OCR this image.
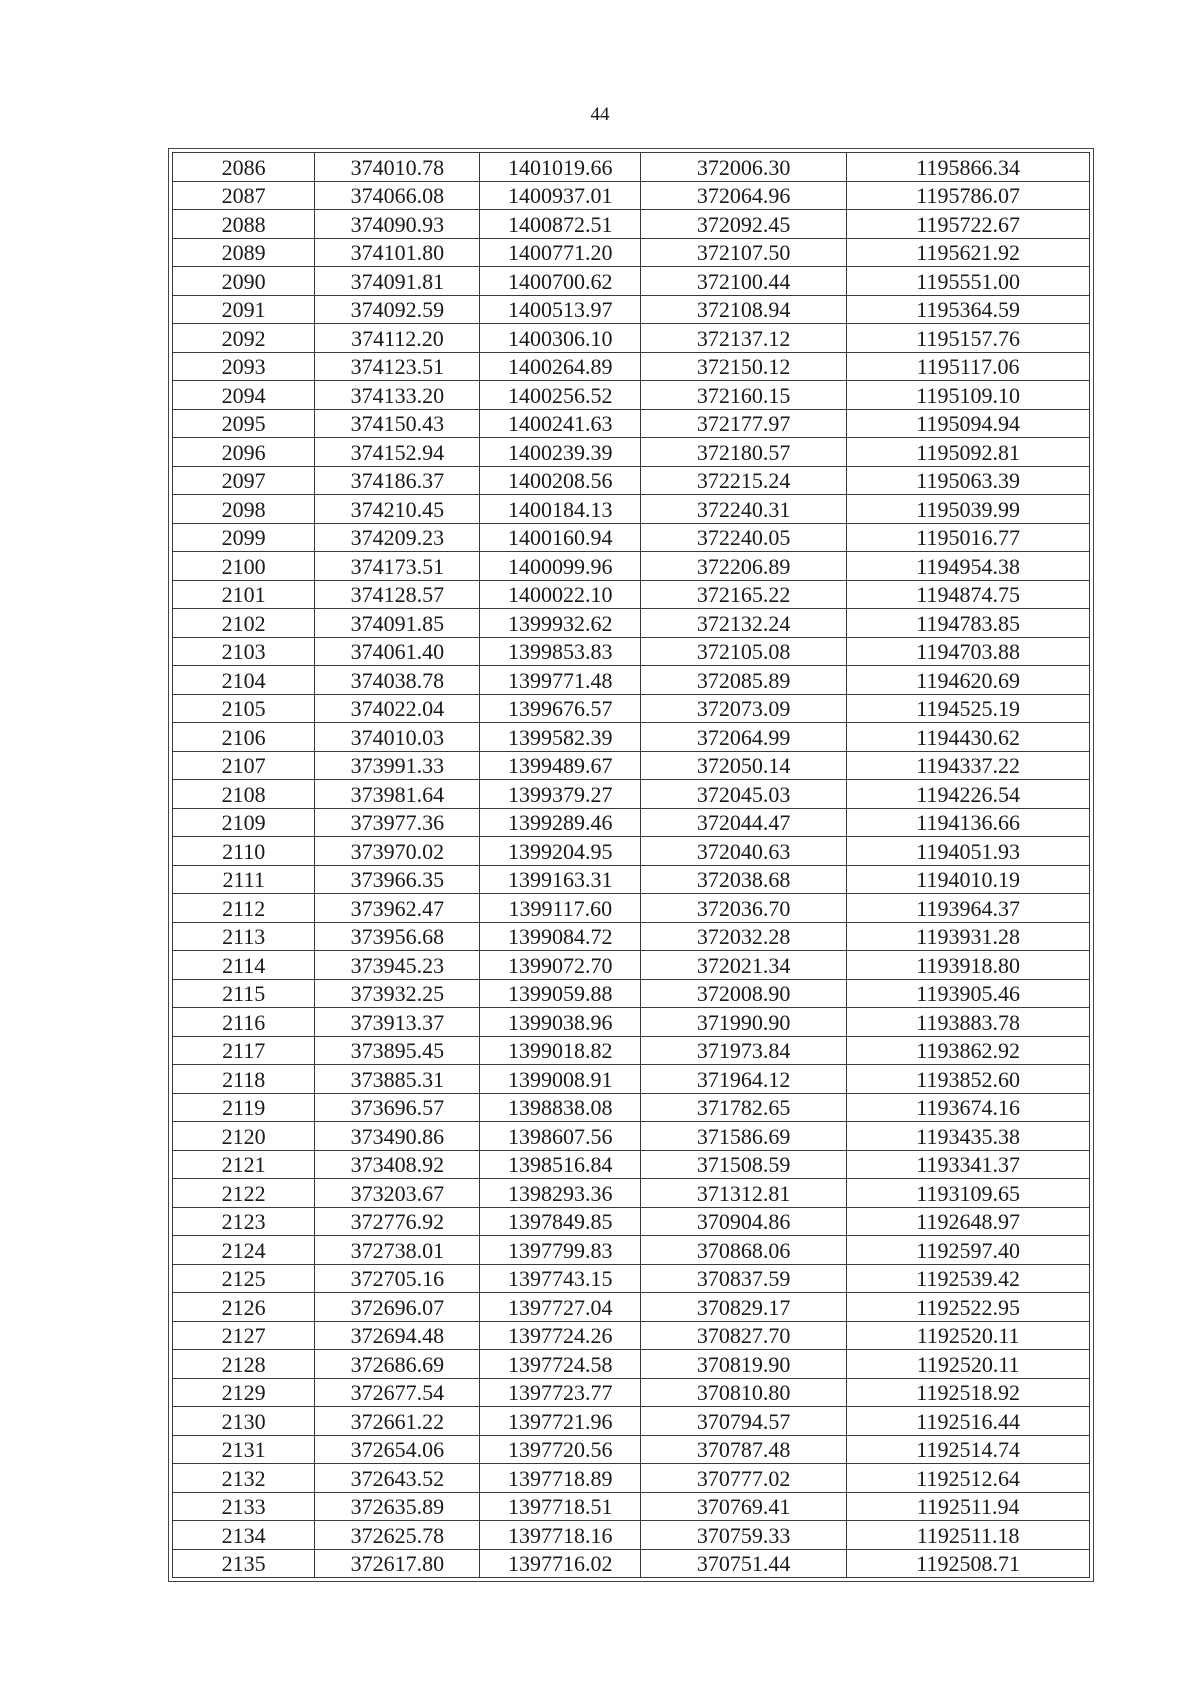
44
2086	374010.78	1401019.66	372006.30	1195866.34
2087	374066.08	1400937.01	372064.96	1195786.07
2088	374090.93	1400872.51	372092.45	1195722.67
2089	374101.80	1400771.20	372107.50	1195621.92
2090	374091.81	1400700.62	372100.44	1195551.00
2091	374092.59	1400513.97	372108.94	1195364.59
2092	374112.20	1400306.10	372137.12	1195157.76
2093	374123.51	1400264.89	372150.12	1195117.06
2094	374133.20	1400256.52	372160.15	1195109.10
2095	374150.43	1400241.63	372177.97	1195094.94
2096	374152.94	1400239.39	372180.57	1195092.81
2097	374186.37	1400208.56	372215.24	1195063.39
2098	374210.45	1400184.13	372240.31	1195039.99
2099	374209.23	1400160.94	372240.05	1195016.77
2100	374173.51	1400099.96	372206.89	1194954.38
2101	374128.57	1400022.10	372165.22	1194874.75
2102	374091.85	1399932.62	372132.24	1194783.85
2103	374061.40	1399853.83	372105.08	1194703.88
2104	374038.78	1399771.48	372085.89	1194620.69
2105	374022.04	1399676.57	372073.09	1194525.19
2106	374010.03	1399582.39	372064.99	1194430.62
2107	373991.33	1399489.67	372050.14	1194337.22
2108	373981.64	1399379.27	372045.03	1194226.54
2109	373977.36	1399289.46	372044.47	1194136.66
2110	373970.02	1399204.95	372040.63	1194051.93
2111	373966.35	1399163.31	372038.68	1194010.19
2112	373962.47	1399117.60	372036.70	1193964.37
2113	373956.68	1399084.72	372032.28	1193931.28
2114	373945.23	1399072.70	372021.34	1193918.80
2115	373932.25	1399059.88	372008.90	1193905.46
2116	373913.37	1399038.96	371990.90	1193883.78
2117	373895.45	1399018.82	371973.84	1193862.92
2118	373885.31	1399008.91	371964.12	1193852.60
2119	373696.57	1398838.08	371782.65	1193674.16
2120	373490.86	1398607.56	371586.69	1193435.38
2121	373408.92	1398516.84	371508.59	1193341.37
2122	373203.67	1398293.36	371312.81	1193109.65
2123	372776.92	1397849.85	370904.86	1192648.97
2124	372738.01	1397799.83	370868.06	1192597.40
2125	372705.16	1397743.15	370837.59	1192539.42
2126	372696.07	1397727.04	370829.17	1192522.95
2127	372694.48	1397724.26	370827.70	1192520.11
2128	372686.69	1397724.58	370819.90	1192520.11
2129	372677.54	1397723.77	370810.80	1192518.92
2130	372661.22	1397721.96	370794.57	1192516.44
2131	372654.06	1397720.56	370787.48	1192514.74
2132	372643.52	1397718.89	370777.02	1192512.64
2133	372635.89	1397718.51	370769.41	1192511.94
2134	372625.78	1397718.16	370759.33	1192511.18
2135	372617.80	1397716.02	370751.44	1192508.71
